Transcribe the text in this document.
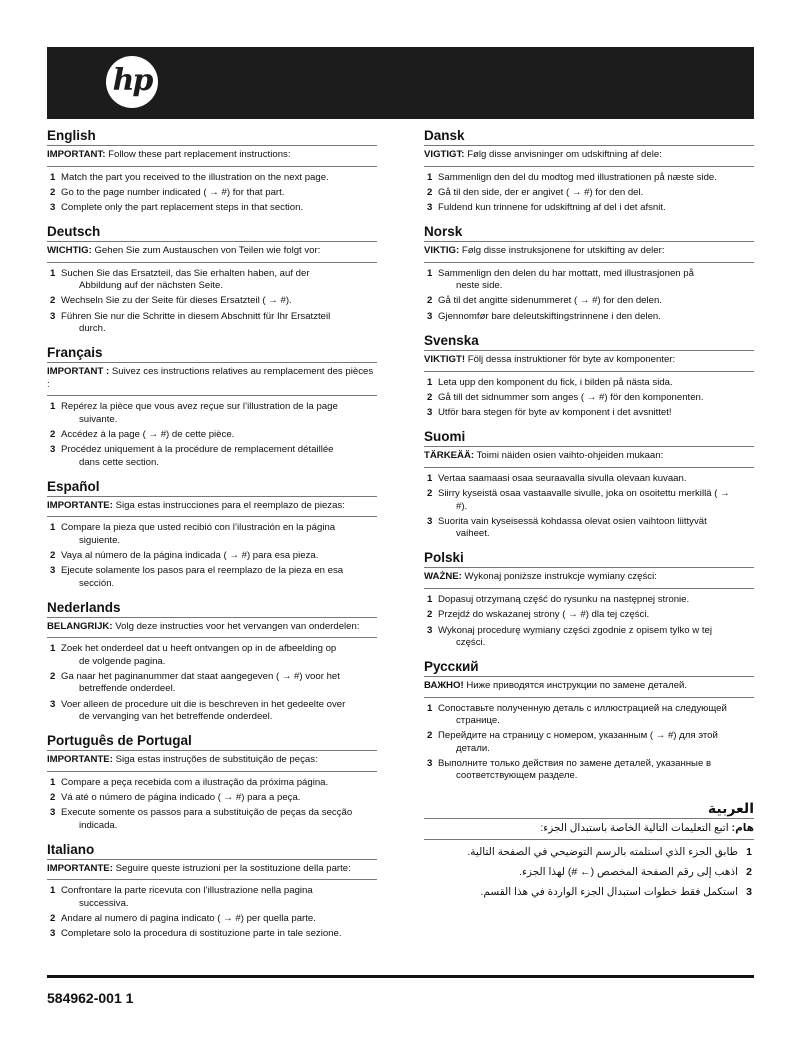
hp
English
IMPORTANT: Follow these part replacement instructions:
1 Match the part you received to the illustration on the next page.
2 Go to the page number indicated ( → #) for that part.
3 Complete only the part replacement steps in that section.
Deutsch
WICHTIG: Gehen Sie zum Austauschen von Teilen wie folgt vor:
1 Suchen Sie das Ersatzteil, das Sie erhalten haben, auf der
Abbildung auf der nächsten Seite.
2 Wechseln Sie zu der Seite für dieses Ersatzteil ( → #).
3 Führen Sie nur die Schritte in diesem Abschnitt für Ihr Ersatzteil
durch.
Français
IMPORTANT : Suivez ces instructions relatives au remplacement des pièces :
1 Repérez la pièce que vous avez reçue sur l’illustration de la page
suivante.
2 Accédez à la page ( → #) de cette pièce.
3 Procédez uniquement à la procédure de remplacement détaillée
dans cette section.
Español
IMPORTANTE: Siga estas instrucciones para el reemplazo de piezas:
1 Compare la pieza que usted recibió con l’ilustración en la página
siguiente.
2 Vaya al número de la página indicada ( → #) para esa pieza.
3 Ejecute solamente los pasos para el reemplazo de la pieza en esa
sección.
Nederlands
BELANGRIJK: Volg deze instructies voor het vervangen van onderdelen:
1 Zoek het onderdeel dat u heeft ontvangen op in de afbeelding op
de volgende pagina.
2 Ga naar het paginanummer dat staat aangegeven ( → #) voor het
betreffende onderdeel.
3 Voer alleen de procedure uit die is beschreven in het gedeelte over
de vervanging van het betreffende onderdeel.
Português de Portugal
IMPORTANTE: Siga estas instruções de substituição de peças:
1 Compare a peça recebida com a ilustração da próxima página.
2 Vá até o número de página indicado ( → #) para a peça.
3 Execute somente os passos para a substituição de peças da secção
indicada.
Italiano
IMPORTANTE: Seguire queste istruzioni per la sostituzione della parte:
1 Confrontare la parte ricevuta con l’illustrazione nella pagina
successiva.
2 Andare al numero di pagina indicato ( → #) per quella parte.
3 Completare solo la procedura di sostituzione parte in tale sezione.
Dansk
VIGTIGT: Følg disse anvisninger om udskiftning af dele:
1 Sammenlign den del du modtog med illustrationen på næste side.
2 Gå til den side, der er angivet ( → #) for den del.
3 Fuldend kun trinnene for udskiftning af del i det afsnit.
Norsk
VIKTIG: Følg disse instruksjonene for utskifting av deler:
1 Sammenlign den delen du har mottatt, med illustrasjonen på
neste side.
2 Gå til det angitte sidenummeret ( → #) for den delen.
3 Gjennomfør bare deleutskiftingstrinnene i den delen.
Svenska
VIKTIGT! Följ dessa instruktioner för byte av komponenter:
1 Leta upp den komponent du fick, i bilden på nästa sida.
2 Gå till det sidnummer som anges ( → #) för den komponenten.
3 Utför bara stegen för byte av komponent i det avsnittet!
Suomi
TÄRKEÄÄ: Toimi näiden osien vaihto-ohjeiden mukaan:
1 Vertaa saamaasi osaa seuraavalla sivulla olevaan kuvaan.
2 Siirry kyseistä osaa vastaavalle sivulle, joka on osoitettu merkillä ( →
#).
3 Suorita vain kyseisessä kohdassa olevat osien vaihtoon liittyvät
vaiheet.
Polski
WAŻNE: Wykonaj poniższe instrukcje wymiany części:
1 Dopasuj otrzymaną część do rysunku na następnej stronie.
2 Przejdź do wskazanej strony ( → #) dla tej części.
3 Wykonaj procedurę wymiany części zgodnie z opisem tylko w tej
części.
Русский
ВАЖНО! Ниже приводятся инструкции по замене деталей.
1 Сопоставьте полученную деталь с иллюстрацией на следующей
странице.
2 Перейдите на страницу с номером, указанным ( → #) для этой
детали.
3 Выполните только действия по замене деталей, указанные в
соответствующем разделе.
العربية
هام: اتبع التعليمات التالية الخاصة باستبدال الجزء:
1
طابق الجزء الذي استلمته بالرسم التوضيحي في الصفحة التالية.
2
اذهب إلى رقم الصفحة المخصص (← #) لهذا الجزء.
3
استكمل فقط خطوات استبدال الجزء الواردة في هذا القسم.
584962-001 1
